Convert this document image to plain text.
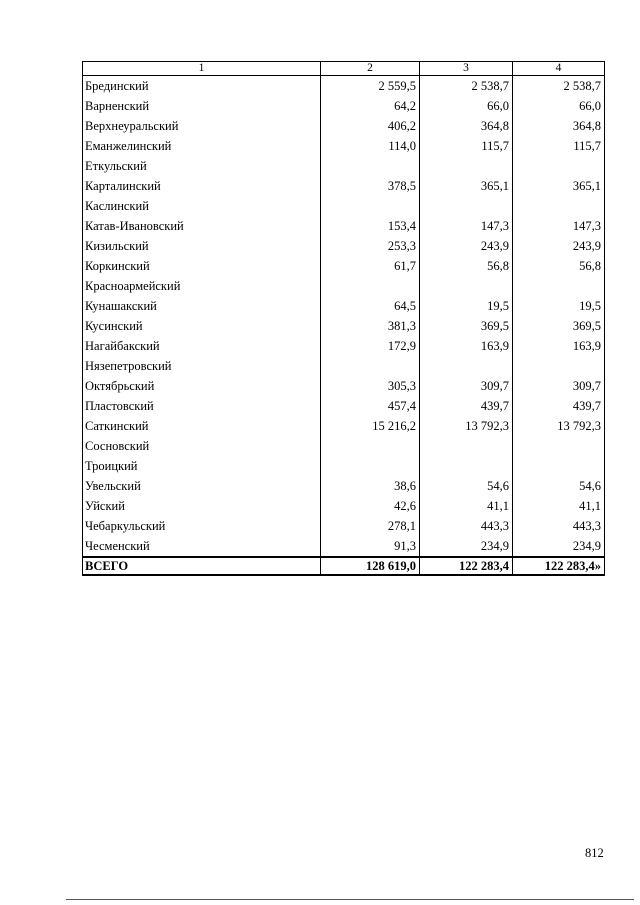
1	2	3	4
Брединский	2 559,5	2 538,7	2 538,7
Варненский	64,2	66,0	66,0
Верхнеуральский	406,2	364,8	364,8
Еманжелинский	114,0	115,7	115,7
Еткульский			
Карталинский	378,5	365,1	365,1
Каслинский			
Катав-Ивановский	153,4	147,3	147,3
Кизильский	253,3	243,9	243,9
Коркинский	61,7	56,8	56,8
Красноармейский			
Кунашакский	64,5	19,5	19,5
Кусинский	381,3	369,5	369,5
Нагайбакский	172,9	163,9	163,9
Нязепетровский			
Октябрьский	305,3	309,7	309,7
Пластовский	457,4	439,7	439,7
Саткинский	15 216,2	13 792,3	13 792,3
Сосновский			
Троицкий			
Увельский	38,6	54,6	54,6
Уйский	42,6	41,1	41,1
Чебаркульский	278,1	443,3	443,3
Чесменский	91,3	234,9	234,9
ВСЕГО	128 619,0	122 283,4	122 283,4»
812
